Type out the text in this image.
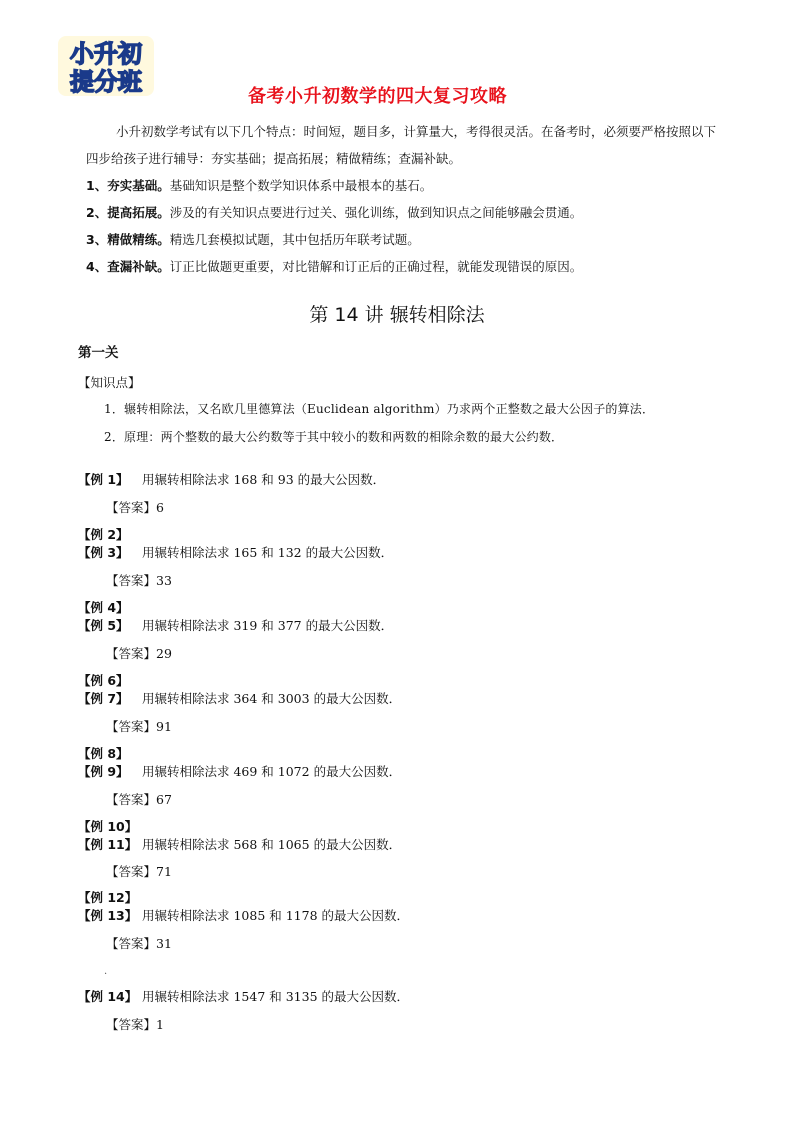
小升初
提分班
备考小升初数学的四大复习攻略
小升初数学考试有以下几个特点：时间短，题目多，计算量大，考得很灵活。在备考时，必须要严格按照以下四步给孩子进行辅导：夯实基础；提高拓展；精做精练；查漏补缺。
1、夯实基础。基础知识是整个数学知识体系中最根本的基石。
2、提高拓展。涉及的有关知识点要进行过关、强化训练，做到知识点之间能够融会贯通。
3、精做精练。精选几套模拟试题，其中包括历年联考试题。
4、查漏补缺。订正比做题更重要，对比错解和订正后的正确过程，就能发现错误的原因。
第 14 讲 辗转相除法
第一关
【知识点】
1．辗转相除法，又名欧几里德算法（Euclidean algorithm）乃求两个正整数之最大公因子的算法．
2．原理：两个整数的最大公约数等于其中较小的数和两数的相除余数的最大公约数．
【例 1】 用辗转相除法求 168 和 93 的最大公因数．
【答案】6
【例 2】
【例 3】 用辗转相除法求 165 和 132 的最大公因数．
【答案】33
【例 4】
【例 5】 用辗转相除法求 319 和 377 的最大公因数．
【答案】29
【例 6】
【例 7】 用辗转相除法求 364 和 3003 的最大公因数．
【答案】91
【例 8】
【例 9】 用辗转相除法求 469 和 1072 的最大公因数．
【答案】67
【例 10】
【例 11】 用辗转相除法求 568 和 1065 的最大公因数．
【答案】71
【例 12】
【例 13】 用辗转相除法求 1085 和 1178 的最大公因数．
【答案】31
.
【例 14】 用辗转相除法求 1547 和 3135 的最大公因数．
【答案】1
